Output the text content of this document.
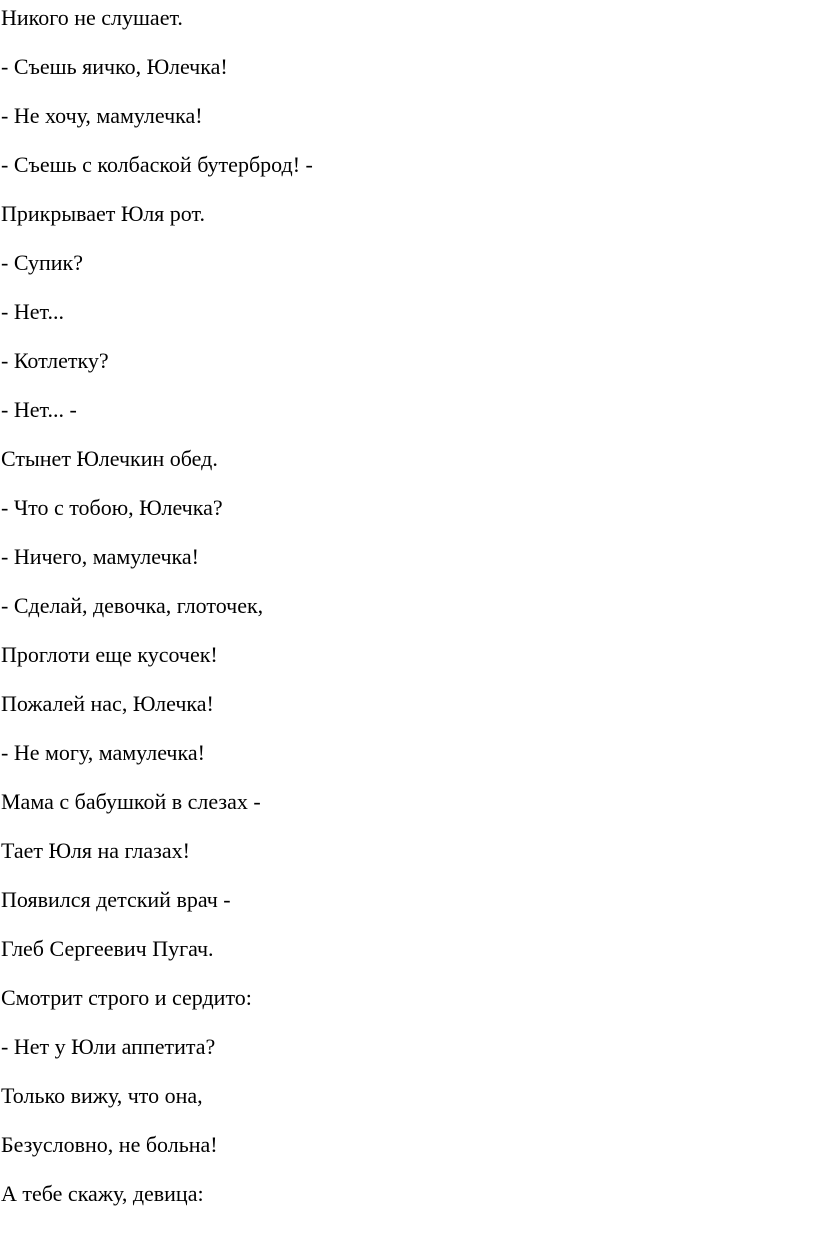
Никого не слушает.

- Съешь яичко, Юлечка!

- Не хочу, мамулечка!

- Съешь с колбаской бутерброд! -

Прикрывает Юля рот.

- Супик?

- Нет...

- Котлетку?

- Нет... -

Стынет Юлечкин обед.

- Что с тобою, Юлечка?

- Ничего, мамулечка!

- Сделай, девочка, глоточек,

Проглоти еще кусочек!

Пожалей нас, Юлечка!

- Не могу, мамулечка!

Мама с бабушкой в слезах -

Тает Юля на глазах!

Появился детский врач -

Глеб Сергеевич Пугач.

Смотрит строго и сердито:

- Нет у Юли аппетита?

Только вижу, что она,

Безусловно, не больна!

А тебе скажу, девица:
